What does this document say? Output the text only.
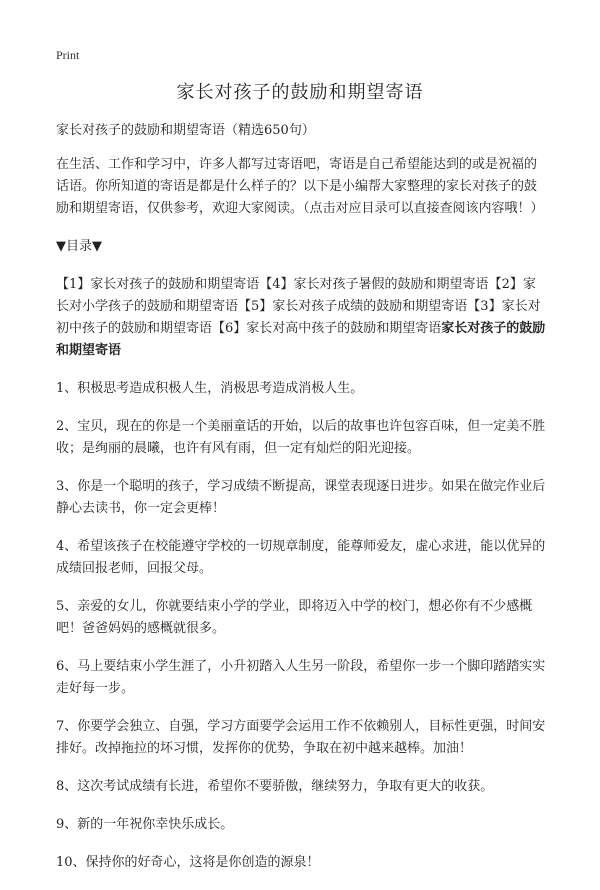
Print
家长对孩子的鼓励和期望寄语

家长对孩子的鼓励和期望寄语（精选650句）

在生活、工作和学习中，许多人都写过寄语吧，寄语是自己希望能达到的或是祝福的话语。你所知道的寄语是都是什么样子的？以下是小编帮大家整理的家长对孩子的鼓励和期望寄语，仅供参考，欢迎大家阅读。（点击对应目录可以直接查阅该内容哦！）

▼目录▼

【1】家长对孩子的鼓励和期望寄语【4】家长对孩子暑假的鼓励和期望寄语【2】家长对小学孩子的鼓励和期望寄语【5】家长对孩子成绩的鼓励和期望寄语【3】家长对初中孩子的鼓励和期望寄语【6】家长对高中孩子的鼓励和期望寄语家长对孩子的鼓励和期望寄语

1、积极思考造成积极人生，消极思考造成消极人生。

2、宝贝，现在的你是一个美丽童话的开始，以后的故事也许包容百味，但一定美不胜收；是绚丽的晨曦，也许有风有雨，但一定有灿烂的阳光迎接。

3、你是一个聪明的孩子，学习成绩不断提高，课堂表现逐日进步。如果在做完作业后静心去读书，你一定会更棒！

4、希望该孩子在校能遵守学校的一切规章制度，能尊师爱友，虚心求进，能以优异的成绩回报老师，回报父母。

5、亲爱的女儿，你就要结束小学的学业，即将迈入中学的校门，想必你有不少感概吧！爸爸妈妈的感概就很多。

6、马上要结束小学生涯了，小升初踏入人生另一阶段，希望你一步一个脚印踏踏实实走好每一步。

7、你要学会独立、自强，学习方面要学会运用工作不依赖别人，目标性更强，时间安排好。改掉拖拉的坏习惯，发挥你的优势，争取在初中越来越棒。加油！

8、这次考试成绩有长进，希望你不要骄傲，继续努力，争取有更大的收获。

9、新的一年祝你幸快乐成长。

10、保持你的好奇心，这将是你创造的源泉！
